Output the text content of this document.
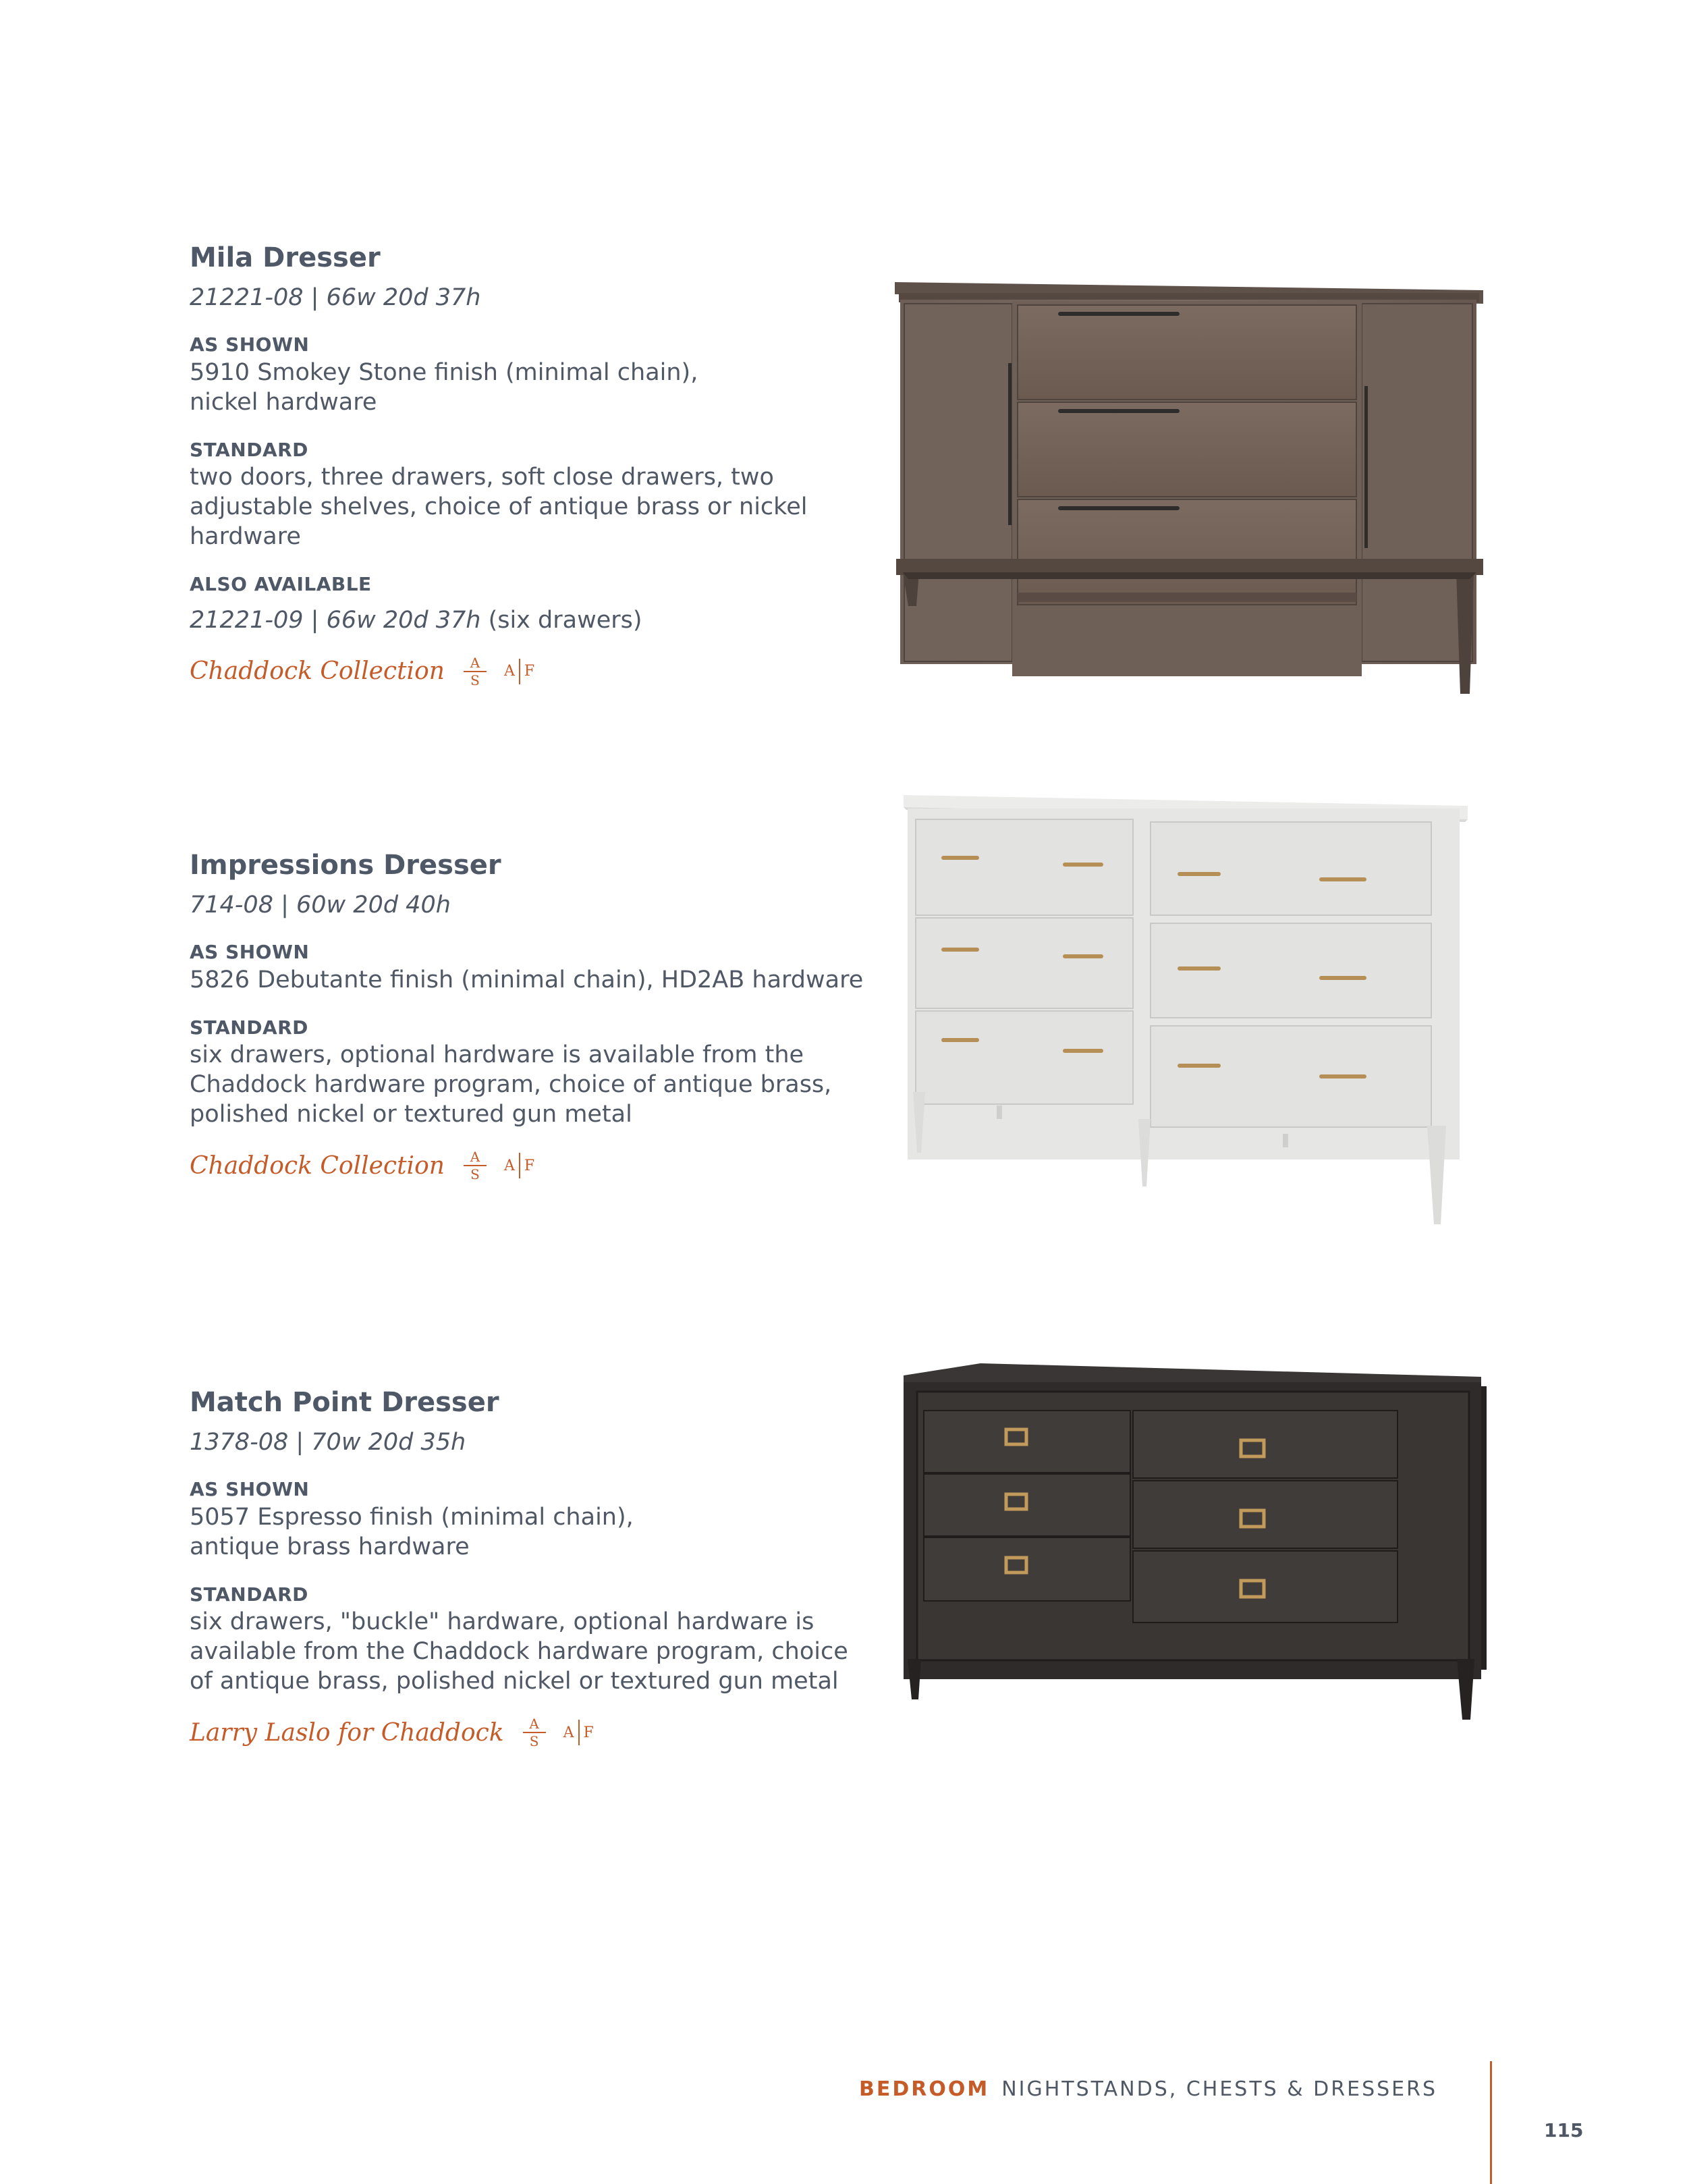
Mila Dresser
21221-08 | 66w 20d 37h
AS SHOWN
5910 Smokey Stone finish (minimal chain), nickel hardware
STANDARD
two doors, three drawers, soft close drawers, two adjustable shelves, choice of antique brass or nickel hardware
ALSO AVAILABLE
21221-09 | 66w 20d 37h (six drawers)
Chaddock Collection $\frac{A}{S}$ A F
Impressions Dresser
714-08 | 60w 20d 40h
AS SHOWN
5826 Debutante finish (minimal chain), HD2AB hardware
STANDARD
six drawers, optional hardware is available from the Chaddock hardware program, choice of antique brass, polished nickel or textured gun metal
Chaddock Collection $\frac{A}{S}$ A F
Match Point Dresser
1378-08 | 70w 20d 35h
AS SHOWN
5057 Espresso finish (minimal chain), antique brass hardware
STANDARD
six drawers, "buckle" hardware, optional hardware is available from the Chaddock hardware program, choice of antique brass, polished nickel or textured gun metal
Larry Laslo for Chaddock $\frac{A}{S}$ A F
BEDROOM NIGHTSTANDS, CHESTS & DRESSERS
115
